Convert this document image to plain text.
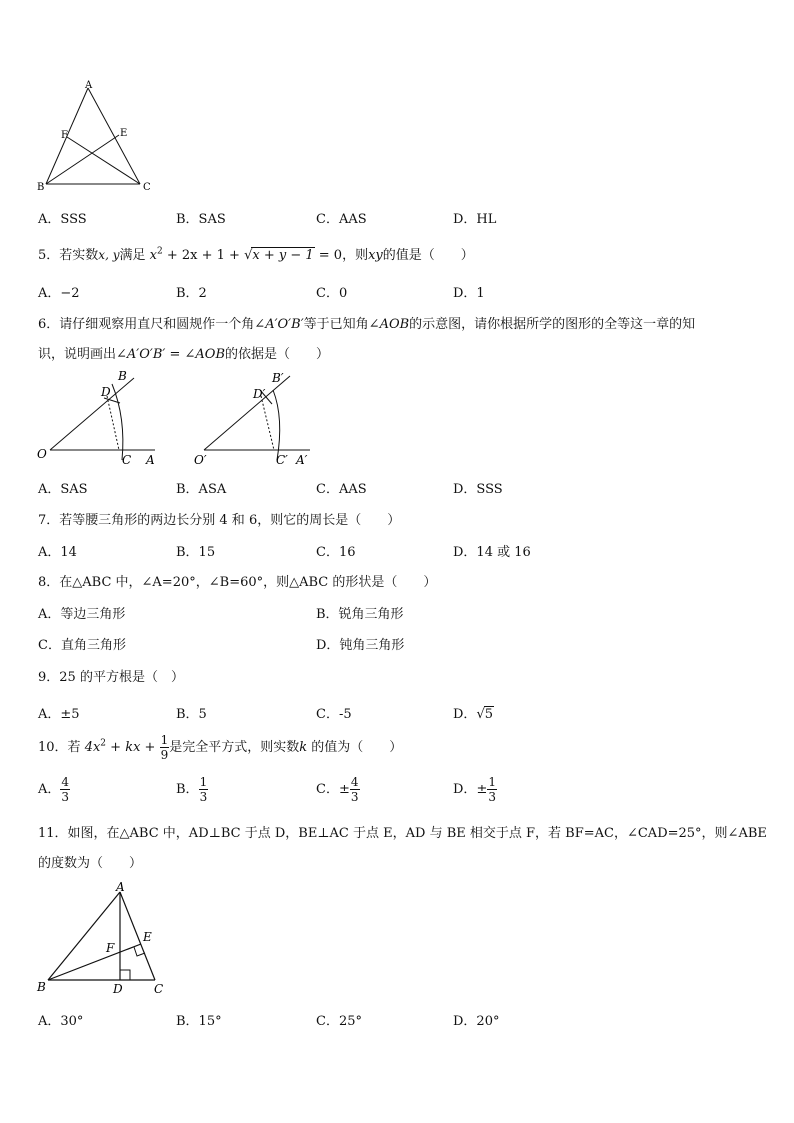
A
B	C
E
F
A．SSS	B．SAS	C．AAS	D．HL
5．若实数x, y满足 $x^2 + 2x + 1 + √x + y - 1 = 0$，则xy的值是（　　）
A．−2	B．2	C．0	D．1
6．请仔细观察用直尺和圆规作一个角∠A′O′B′等于已知角∠AOB的示意图，请你根据所学的图形的全等这一章的知
识，说明画出∠A′O′B′ = ∠AOB的依据是（　　）
O	A
B
C
D
O′	A′
B′
C′
D′
A．SAS	B．ASA	C．AAS	D．SSS
7．若等腰三角形的两边长分别 4 和 6，则它的周长是（　　）
A．14	B．15	C．16	D．14 或 16
8．在△ABC 中，∠A=20°，∠B=60°，则△ABC 的形状是（　　）
A．等边三角形	B．锐角三角形
C．直角三角形	D．钝角三角形
9．25 的平方根是（　）
A．±5	B．5	C．-5	D．√5
10．若 $4x^2$ + kx + $\frac{1}{9}$ 是完全平方式，则实数k 的值为（　　）
A． $\frac{4}{3}$	B． $\frac{1}{3}$	C．± $\frac{4}{3}$	D．± $\frac{1}{3}$
11．如图，在△ABC 中，AD⊥BC 于点 D，BE⊥AC 于点 E，AD 与 BE 相交于点 F，若 BF=AC，∠CAD=25°，则∠ABE
的度数为（　　）
A
B	C
D
E
F
A．30°	B．15°	C．25°	D．20°
